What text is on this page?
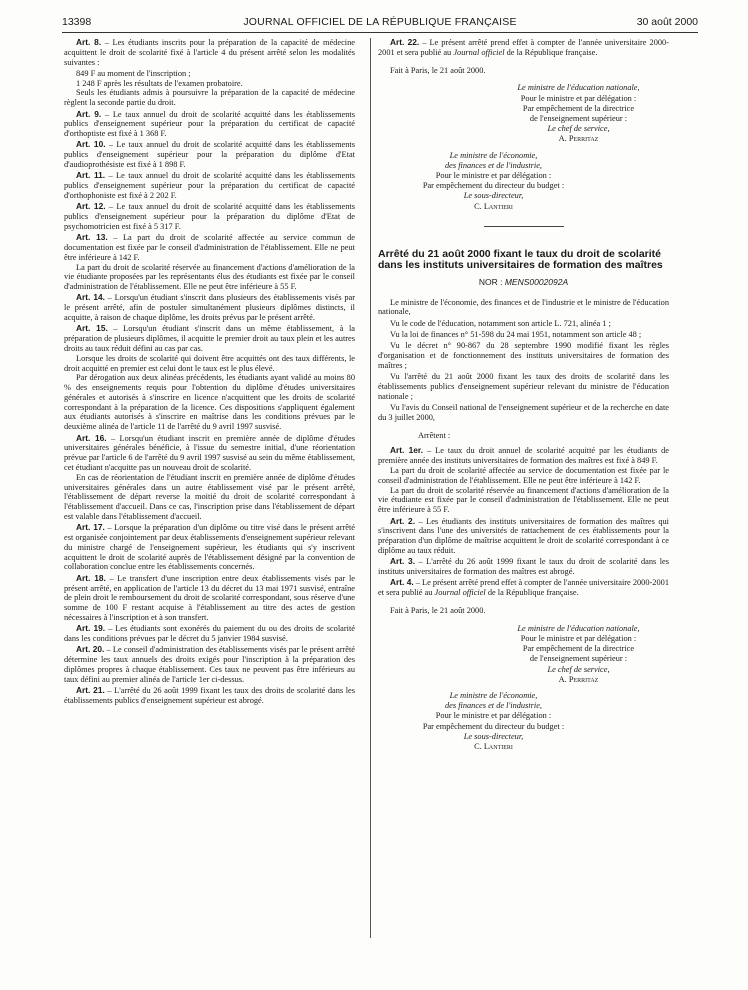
13398	JOURNAL OFFICIEL DE LA RÉPUBLIQUE FRANÇAISE	30 août 2000

Art. 8. – Les étudiants inscrits pour la préparation de la capacité de médecine acquittent le droit de scolarité fixé à l'article 4 du présent arrêté selon les modalités suivantes :

849 F au moment de l'inscription ;

1 248 F après les résultats de l'examen probatoire.

Seuls les étudiants admis à poursuivre la préparation de la capacité de médecine règlent la seconde partie du droit.

Art. 9. – Le taux annuel du droit de scolarité acquitté dans les établissements publics d'enseignement supérieur pour la préparation du certificat de capacité d'orthoptiste est fixé à 1 368 F.

Art. 10. – Le taux annuel du droit de scolarité acquitté dans les établissements publics d'enseignement supérieur pour la préparation du diplôme d'Etat d'audioprothésiste est fixé à 1 898 F.

Art. 11. – Le taux annuel du droit de scolarité acquitté dans les établissements publics d'enseignement supérieur pour la préparation du certificat de capacité d'orthophoniste est fixé à 2 202 F.

Art. 12. – Le taux annuel du droit de scolarité acquitté dans les établissements publics d'enseignement supérieur pour la préparation du diplôme d'Etat de psychomotricien est fixé à 5 317 F.

Art. 13. – La part du droit de scolarité affectée au service commun de documentation est fixée par le conseil d'administration de l'établissement. Elle ne peut être inférieure à 142 F.

La part du droit de scolarité réservée au financement d'actions d'amélioration de la vie étudiante proposées par les représentants élus des étudiants est fixée par le conseil d'administration de l'établissement. Elle ne peut être inférieure à 55 F.

Art. 14. – Lorsqu'un étudiant s'inscrit dans plusieurs des établissements visés par le présent arrêté, afin de postuler simultanément plusieurs diplômes distincts, il acquitte, à raison de chaque diplôme, les droits prévus par le présent arrêté.

Art. 15. – Lorsqu'un étudiant s'inscrit dans un même établissement, à la préparation de plusieurs diplômes, il acquitte le premier droit au taux plein et les autres droits au taux réduit défini au cas par cas.

Lorsque les droits de scolarité qui doivent être acquittés ont des taux différents, le droit acquitté en premier est celui dont le taux est le plus élevé.

Par dérogation aux deux alinéas précédents, les étudiants ayant validé au moins 80 % des enseignements requis pour l'obtention du diplôme d'études universitaires générales et autorisés à s'inscrire en licence n'acquittent que les droits de scolarité correspondant à la préparation de la licence. Ces dispositions s'appliquent également aux étudiants autorisés à s'inscrire en maîtrise dans les conditions prévues par le deuxième alinéa de l'article 11 de l'arrêté du 9 avril 1997 susvisé.

Art. 16. – Lorsqu'un étudiant inscrit en première année de diplôme d'études universitaires générales bénéficie, à l'issue du semestre initial, d'une réorientation prévue par l'article 6 de l'arrêté du 9 avril 1997 susvisé au sein du même établissement, cet étudiant n'acquitte pas un nouveau droit de scolarité.

En cas de réorientation de l'étudiant inscrit en première année de diplôme d'études universitaires générales dans un autre établissement visé par le présent arrêté, l'établissement de départ reverse la moitié du droit de scolarité correspondant à l'établissement d'accueil. Dans ce cas, l'inscription prise dans l'établissement de départ est valable dans l'établissement d'accueil.

Art. 17. – Lorsque la préparation d'un diplôme ou titre visé dans le présent arrêté est organisée conjointement par deux établissements d'enseignement supérieur relevant du ministre chargé de l'enseignement supérieur, les étudiants qui s'y inscrivent acquittent le droit de scolarité auprès de l'établissement désigné par la convention de collaboration conclue entre les établissements concernés.

Art. 18. – Le transfert d'une inscription entre deux établissements visés par le présent arrêté, en application de l'article 13 du décret du 13 mai 1971 susvisé, entraîne de plein droit le remboursement du droit de scolarité correspondant, sous réserve d'une somme de 100 F restant acquise à l'établissement au titre des actes de gestion nécessaires à l'inscription et à son transfert.

Art. 19. – Les étudiants sont exonérés du paiement du ou des droits de scolarité dans les conditions prévues par le décret du 5 janvier 1984 susvisé.

Art. 20. – Le conseil d'administration des établissements visés par le présent arrêté détermine les taux annuels des droits exigés pour l'inscription à la préparation des diplômes propres à chaque établissement. Ces taux ne peuvent pas être inférieurs au taux défini au premier alinéa de l'article 1er ci-dessus.

Art. 21. – L'arrêté du 26 août 1999 fixant les taux des droits de scolarité dans les établissements publics d'enseignement supérieur est abrogé.

Art. 22. – Le présent arrêté prend effet à compter de l'année universitaire 2000-2001 et sera publié au Journal officiel de la République française.

Fait à Paris, le 21 août 2000.

Le ministre de l'éducation nationale,
Pour le ministre et par délégation :
Par empêchement de la directrice
de l'enseignement supérieur :
Le chef de service,
A. Perritaz
Le ministre de l'économie,
des finances et de l'industrie,
Pour le ministre et par délégation :
Par empêchement du directeur du budget :
Le sous-directeur,
C. Lantieri
Arrêté du 21 août 2000 fixant le taux du droit de scolarité dans les instituts universitaires de formation des maîtres
NOR : MENS0002092A

Le ministre de l'économie, des finances et de l'industrie et le ministre de l'éducation nationale,

Vu le code de l'éducation, notamment son article L. 721, alinéa 1 ;

Vu la loi de finances n° 51-598 du 24 mai 1951, notamment son article 48 ;

Vu le décret n° 90-867 du 28 septembre 1990 modifié fixant les règles d'organisation et de fonctionnement des instituts universitaires de formation des maîtres ;

Vu l'arrêté du 21 août 2000 fixant les taux des droits de scolarité dans les établissements publics d'enseignement supérieur relevant du ministre de l'éducation nationale ;

Vu l'avis du Conseil national de l'enseignement supérieur et de la recherche en date du 3 juillet 2000,

Arrêtent :

Art. 1er. – Le taux du droit annuel de scolarité acquitté par les étudiants de première année des instituts universitaires de formation des maîtres est fixé à 849 F.

La part du droit de scolarité affectée au service de documentation est fixée par le conseil d'administration de l'établissement. Elle ne peut être inférieure à 142 F.

La part du droit de scolarité réservée au financement d'actions d'amélioration de la vie étudiante est fixée par le conseil d'administration de l'établissement. Elle ne peut être inférieure à 55 F.

Art. 2. – Les étudiants des instituts universitaires de formation des maîtres qui s'inscrivent dans l'une des universités de rattachement de ces établissements pour la préparation d'un diplôme de maîtrise acquittent le droit de scolarité correspondant à ce diplôme au taux réduit.

Art. 3. – L'arrêté du 26 août 1999 fixant le taux du droit de scolarité dans les instituts universitaires de formation des maîtres est abrogé.

Art. 4. – Le présent arrêté prend effet à compter de l'année universitaire 2000-2001 et sera publié au Journal officiel de la République française.

Fait à Paris, le 21 août 2000.

Le ministre de l'éducation nationale,
Pour le ministre et par délégation :
Par empêchement de la directrice
de l'enseignement supérieur :
Le chef de service,
A. Perritaz
Le ministre de l'économie,
des finances et de l'industrie,
Pour le ministre et par délégation :
Par empêchement du directeur du budget :
Le sous-directeur,
C. Lantieri
